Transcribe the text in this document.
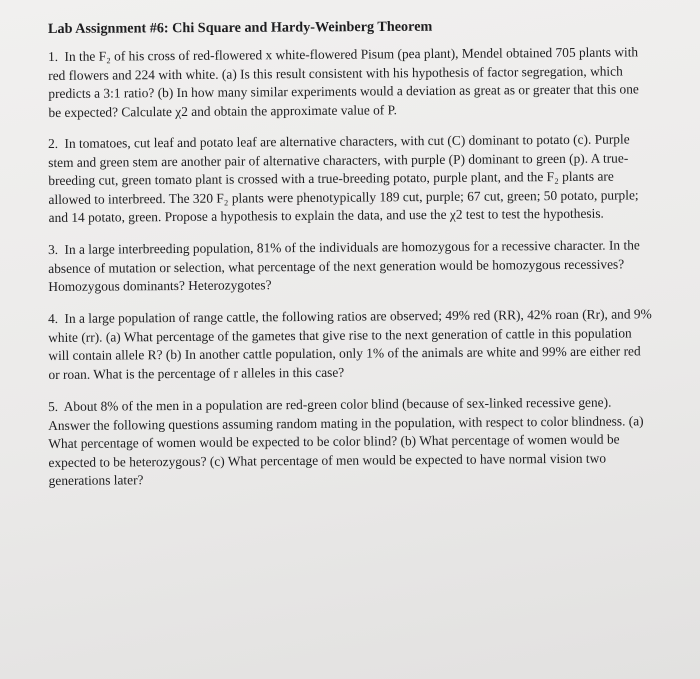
Lab Assignment #6: Chi Square and Hardy-Weinberg Theorem
1. In the F₂ of his cross of red-flowered x white-flowered Pisum (pea plant), Mendel obtained 705 plants with red flowers and 224 with white. (a) Is this result consistent with his hypothesis of factor segregation, which predicts a 3:1 ratio? (b) In how many similar experiments would a deviation as great as or greater that this one be expected? Calculate χ2 and obtain the approximate value of P.
2. In tomatoes, cut leaf and potato leaf are alternative characters, with cut (C) dominant to potato (c). Purple stem and green stem are another pair of alternative characters, with purple (P) dominant to green (p). A true-breeding cut, green tomato plant is crossed with a true-breeding potato, purple plant, and the F₂ plants are allowed to interbreed. The 320 F₂ plants were phenotypically 189 cut, purple; 67 cut, green; 50 potato, purple; and 14 potato, green. Propose a hypothesis to explain the data, and use the χ2 test to test the hypothesis.
3. In a large interbreeding population, 81% of the individuals are homozygous for a recessive character. In the absence of mutation or selection, what percentage of the next generation would be homozygous recessives? Homozygous dominants? Heterozygotes?
4. In a large population of range cattle, the following ratios are observed; 49% red (RR), 42% roan (Rr), and 9% white (rr). (a) What percentage of the gametes that give rise to the next generation of cattle in this population will contain allele R? (b) In another cattle population, only 1% of the animals are white and 99% are either red or roan. What is the percentage of r alleles in this case?
5. About 8% of the men in a population are red-green color blind (because of sex-linked recessive gene). Answer the following questions assuming random mating in the population, with respect to color blindness. (a) What percentage of women would be expected to be color blind? (b) What percentage of women would be expected to be heterozygous? (c) What percentage of men would be expected to have normal vision two generations later?
